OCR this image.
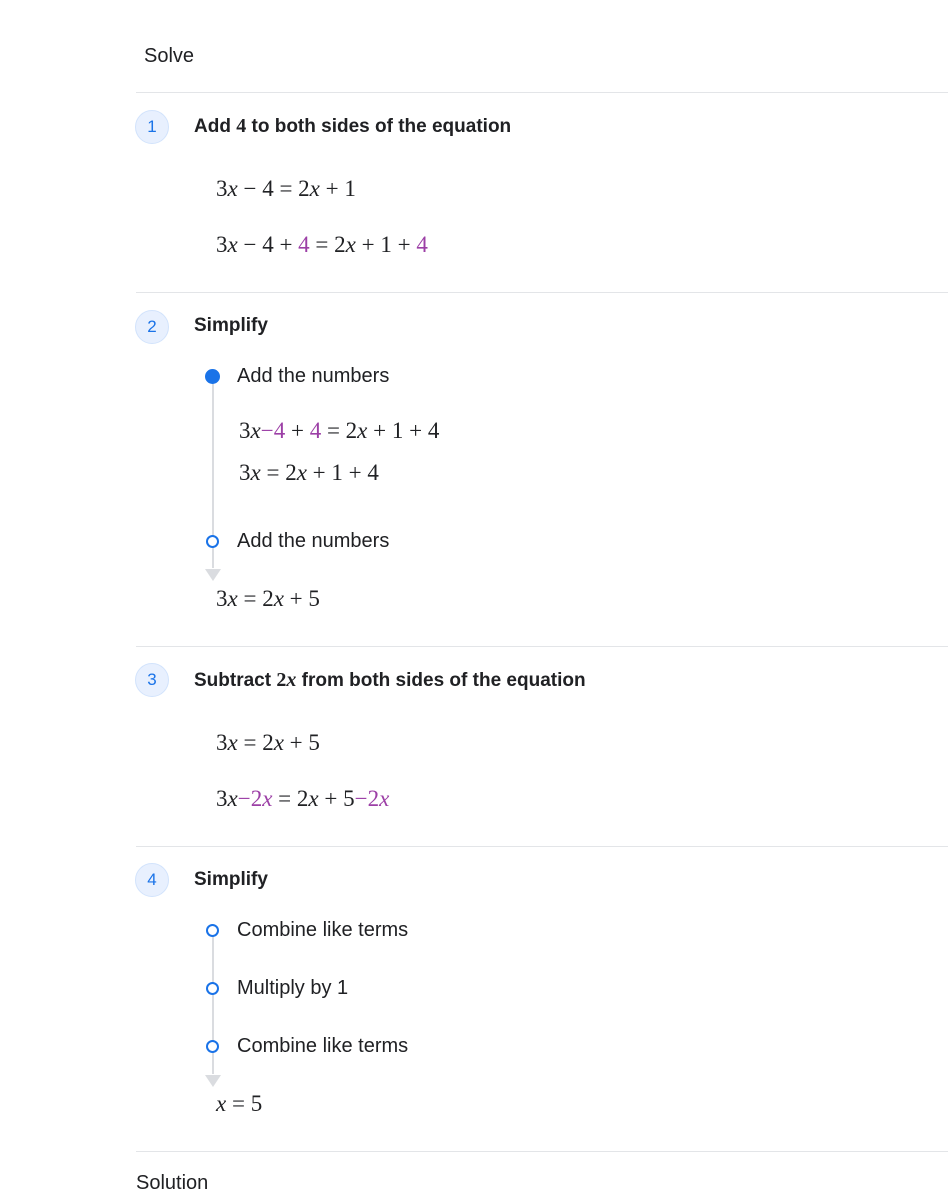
Solve
1	Add 4 to both sides of the equation
3x − 4 = 2x + 1
3x − 4 + 4 = 2x + 1 + 4
2	Simplify
Add the numbers
3x−4 + 4 = 2x + 1 + 4
3x = 2x + 1 + 4
Add the numbers
3x = 2x + 5
3	Subtract 2x from both sides of the equation
3x = 2x + 5
3x−2x = 2x + 5−2x
4	Simplify
Combine like terms
Multiply by 1
Combine like terms
x = 5
Solution
